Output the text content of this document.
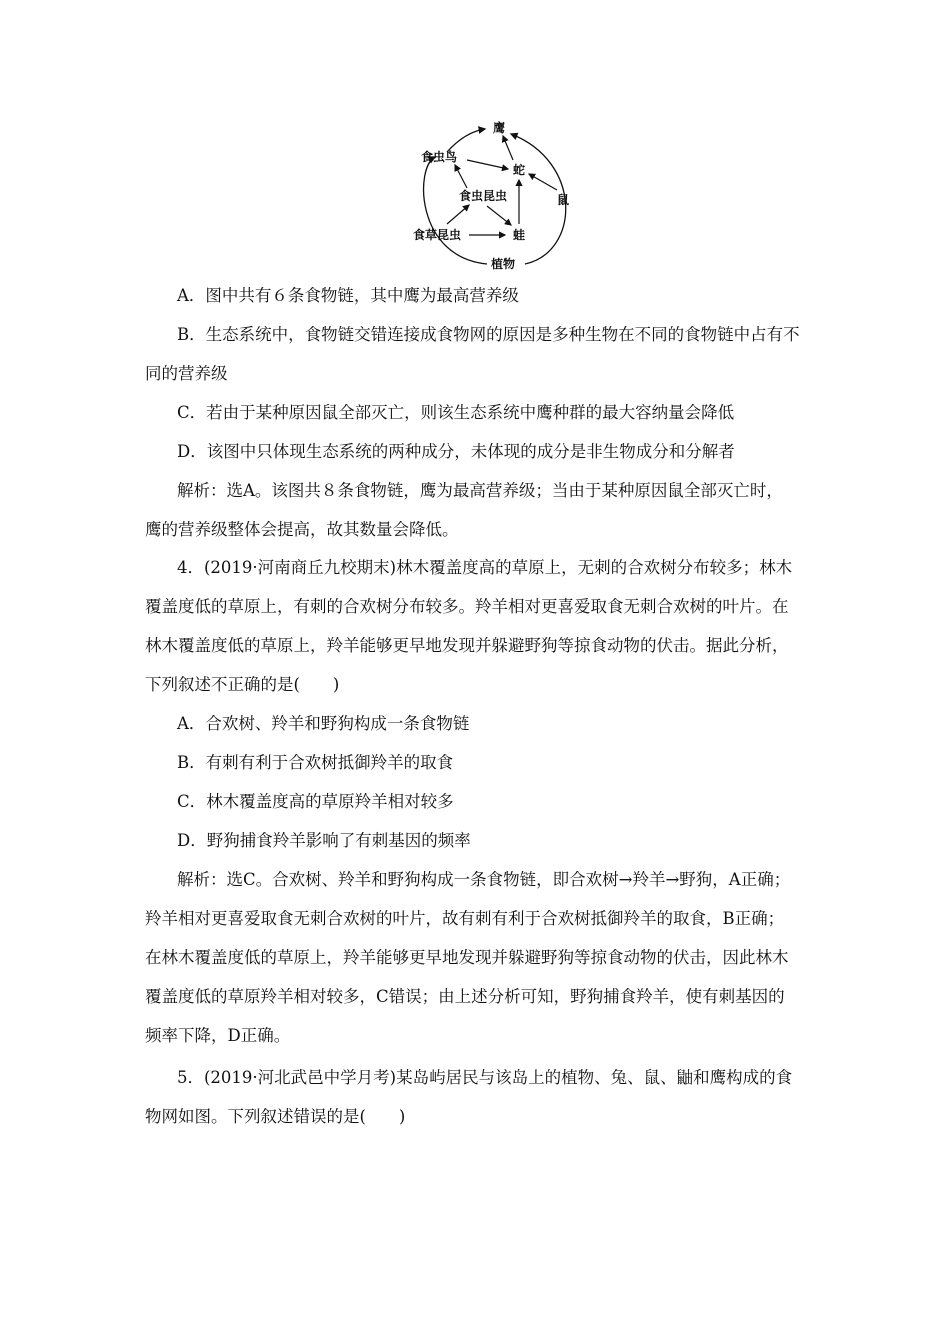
鹰
食虫鸟
蛇
食虫昆虫	鼠
食草昆虫	蛙
植物

A．图中共有６条食物链，其中鹰为最高营养级

B．生态系统中，食物链交错连接成食物网的原因是多种生物在不同的食物链中占有不

同的营养级

C．若由于某种原因鼠全部灭亡，则该生态系统中鹰种群的最大容纳量会降低

D．该图中只体现生态系统的两种成分，未体现的成分是非生物成分和分解者

解析：选A。该图共８条食物链，鹰为最高营养级；当由于某种原因鼠全部灭亡时，

鹰的营养级整体会提高，故其数量会降低。

4．(2019·河南商丘九校期末)林木覆盖度高的草原上，无刺的合欢树分布较多；林木

覆盖度低的草原上，有刺的合欢树分布较多。羚羊相对更喜爱取食无刺合欢树的叶片。在

林木覆盖度低的草原上，羚羊能够更早地发现并躲避野狗等掠食动物的伏击。据此分析，

下列叙述不正确的是(　　)

A．合欢树、羚羊和野狗构成一条食物链

B．有刺有利于合欢树抵御羚羊的取食

C．林木覆盖度高的草原羚羊相对较多

D．野狗捕食羚羊影响了有刺基因的频率

解析：选C。合欢树、羚羊和野狗构成一条食物链，即合欢树→羚羊→野狗，A正确；

羚羊相对更喜爱取食无刺合欢树的叶片，故有刺有利于合欢树抵御羚羊的取食，B正确；

在林木覆盖度低的草原上，羚羊能够更早地发现并躲避野狗等掠食动物的伏击，因此林木

覆盖度低的草原羚羊相对较多，C错误；由上述分析可知，野狗捕食羚羊，使有刺基因的

频率下降，D正确。

5．(2019·河北武邑中学月考)某岛屿居民与该岛上的植物、兔、鼠、鼬和鹰构成的食

物网如图。下列叙述错误的是(　　)
